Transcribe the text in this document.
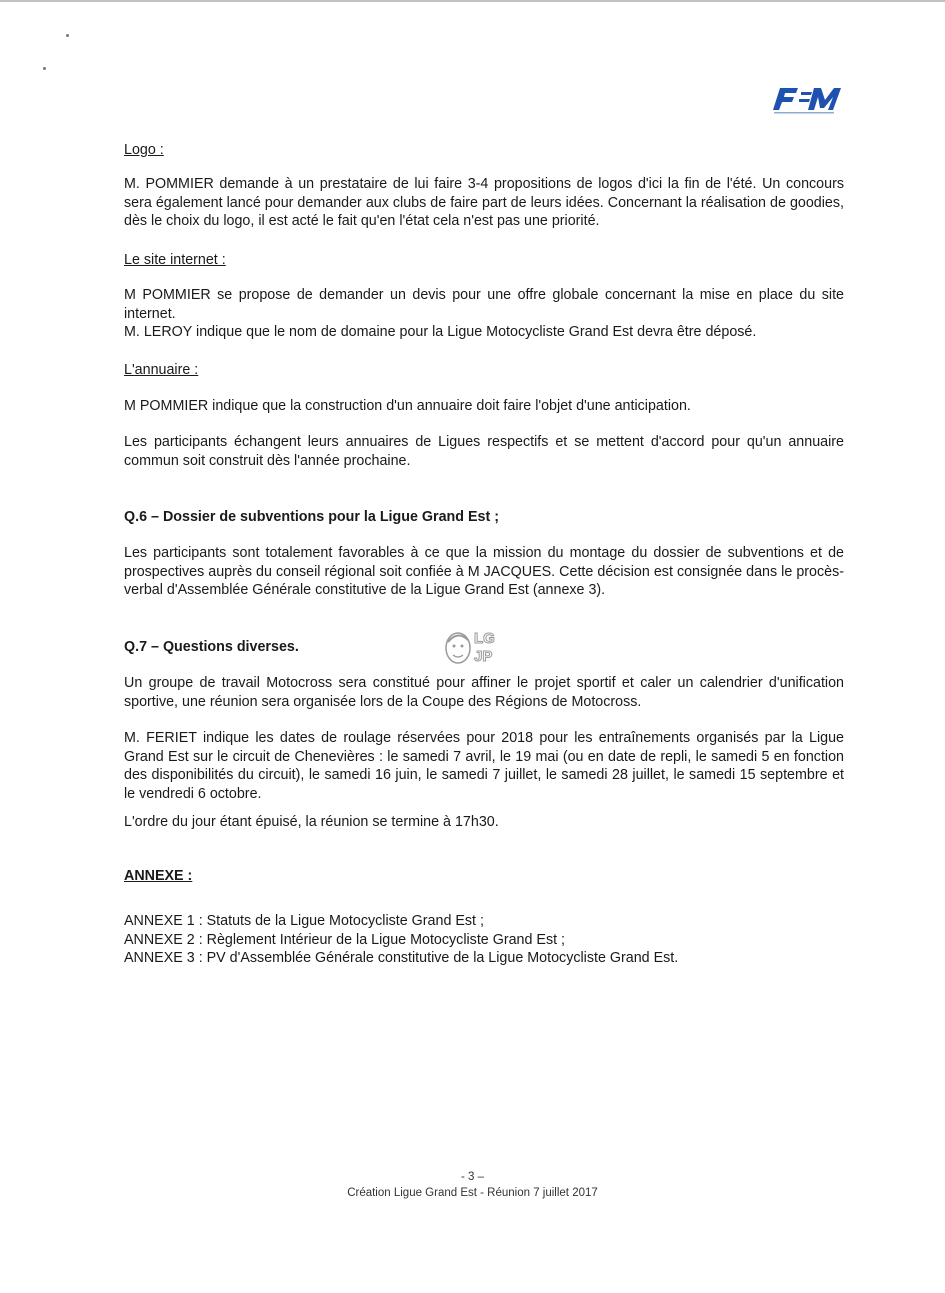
Logo :

M. POMMIER demande à un prestataire de lui faire 3-4 propositions de logos d'ici la fin de l'été. Un concours sera également lancé pour demander aux clubs de faire part de leurs idées. Concernant la réalisation de goodies, dès le choix du logo, il est acté le fait qu'en l'état cela n'est pas une priorité.

Le site internet :

M POMMIER se propose de demander un devis pour une offre globale concernant la mise en place du site internet.

M. LEROY indique que le nom de domaine pour la Ligue Motocycliste Grand Est devra être déposé.

L'annuaire :

M POMMIER indique que la construction d'un annuaire doit faire l'objet d'une anticipation.

Les participants échangent leurs annuaires de Ligues respectifs et se mettent d'accord pour qu'un annuaire commun soit construit dès l'année prochaine.

Q.6 – Dossier de subventions pour la Ligue Grand Est ;

Les participants sont totalement favorables à ce que la mission du montage du dossier de subventions et de prospectives auprès du conseil régional soit confiée à M JACQUES. Cette décision est consignée dans le procès-verbal d'Assemblée Générale constitutive de la Ligue Grand Est (annexe 3).

Q.7 – Questions diverses.

Un groupe de travail Motocross sera constitué pour affiner le projet sportif et caler un calendrier d'unification sportive, une réunion sera organisée lors de la Coupe des Régions de Motocross.

M. FERIET indique les dates de roulage réservées pour 2018 pour les entraînements organisés par la Ligue Grand Est sur le circuit de Chenevières : le samedi 7 avril, le 19 mai (ou en date de repli, le samedi 5 en fonction des disponibilités du circuit), le samedi 16 juin, le samedi 7 juillet, le samedi 28 juillet, le samedi 15 septembre et le vendredi 6 octobre.

L'ordre du jour étant épuisé, la réunion se termine à 17h30.

ANNEXE :

ANNEXE 1 : Statuts de la Ligue Motocycliste Grand Est ;
ANNEXE 2 : Règlement Intérieur de la Ligue Motocycliste Grand Est ;
ANNEXE 3 : PV d'Assemblée Générale constitutive de la Ligue Motocycliste Grand Est.
LG
JP
- 3 –
Création Ligue Grand Est - Réunion 7 juillet 2017
